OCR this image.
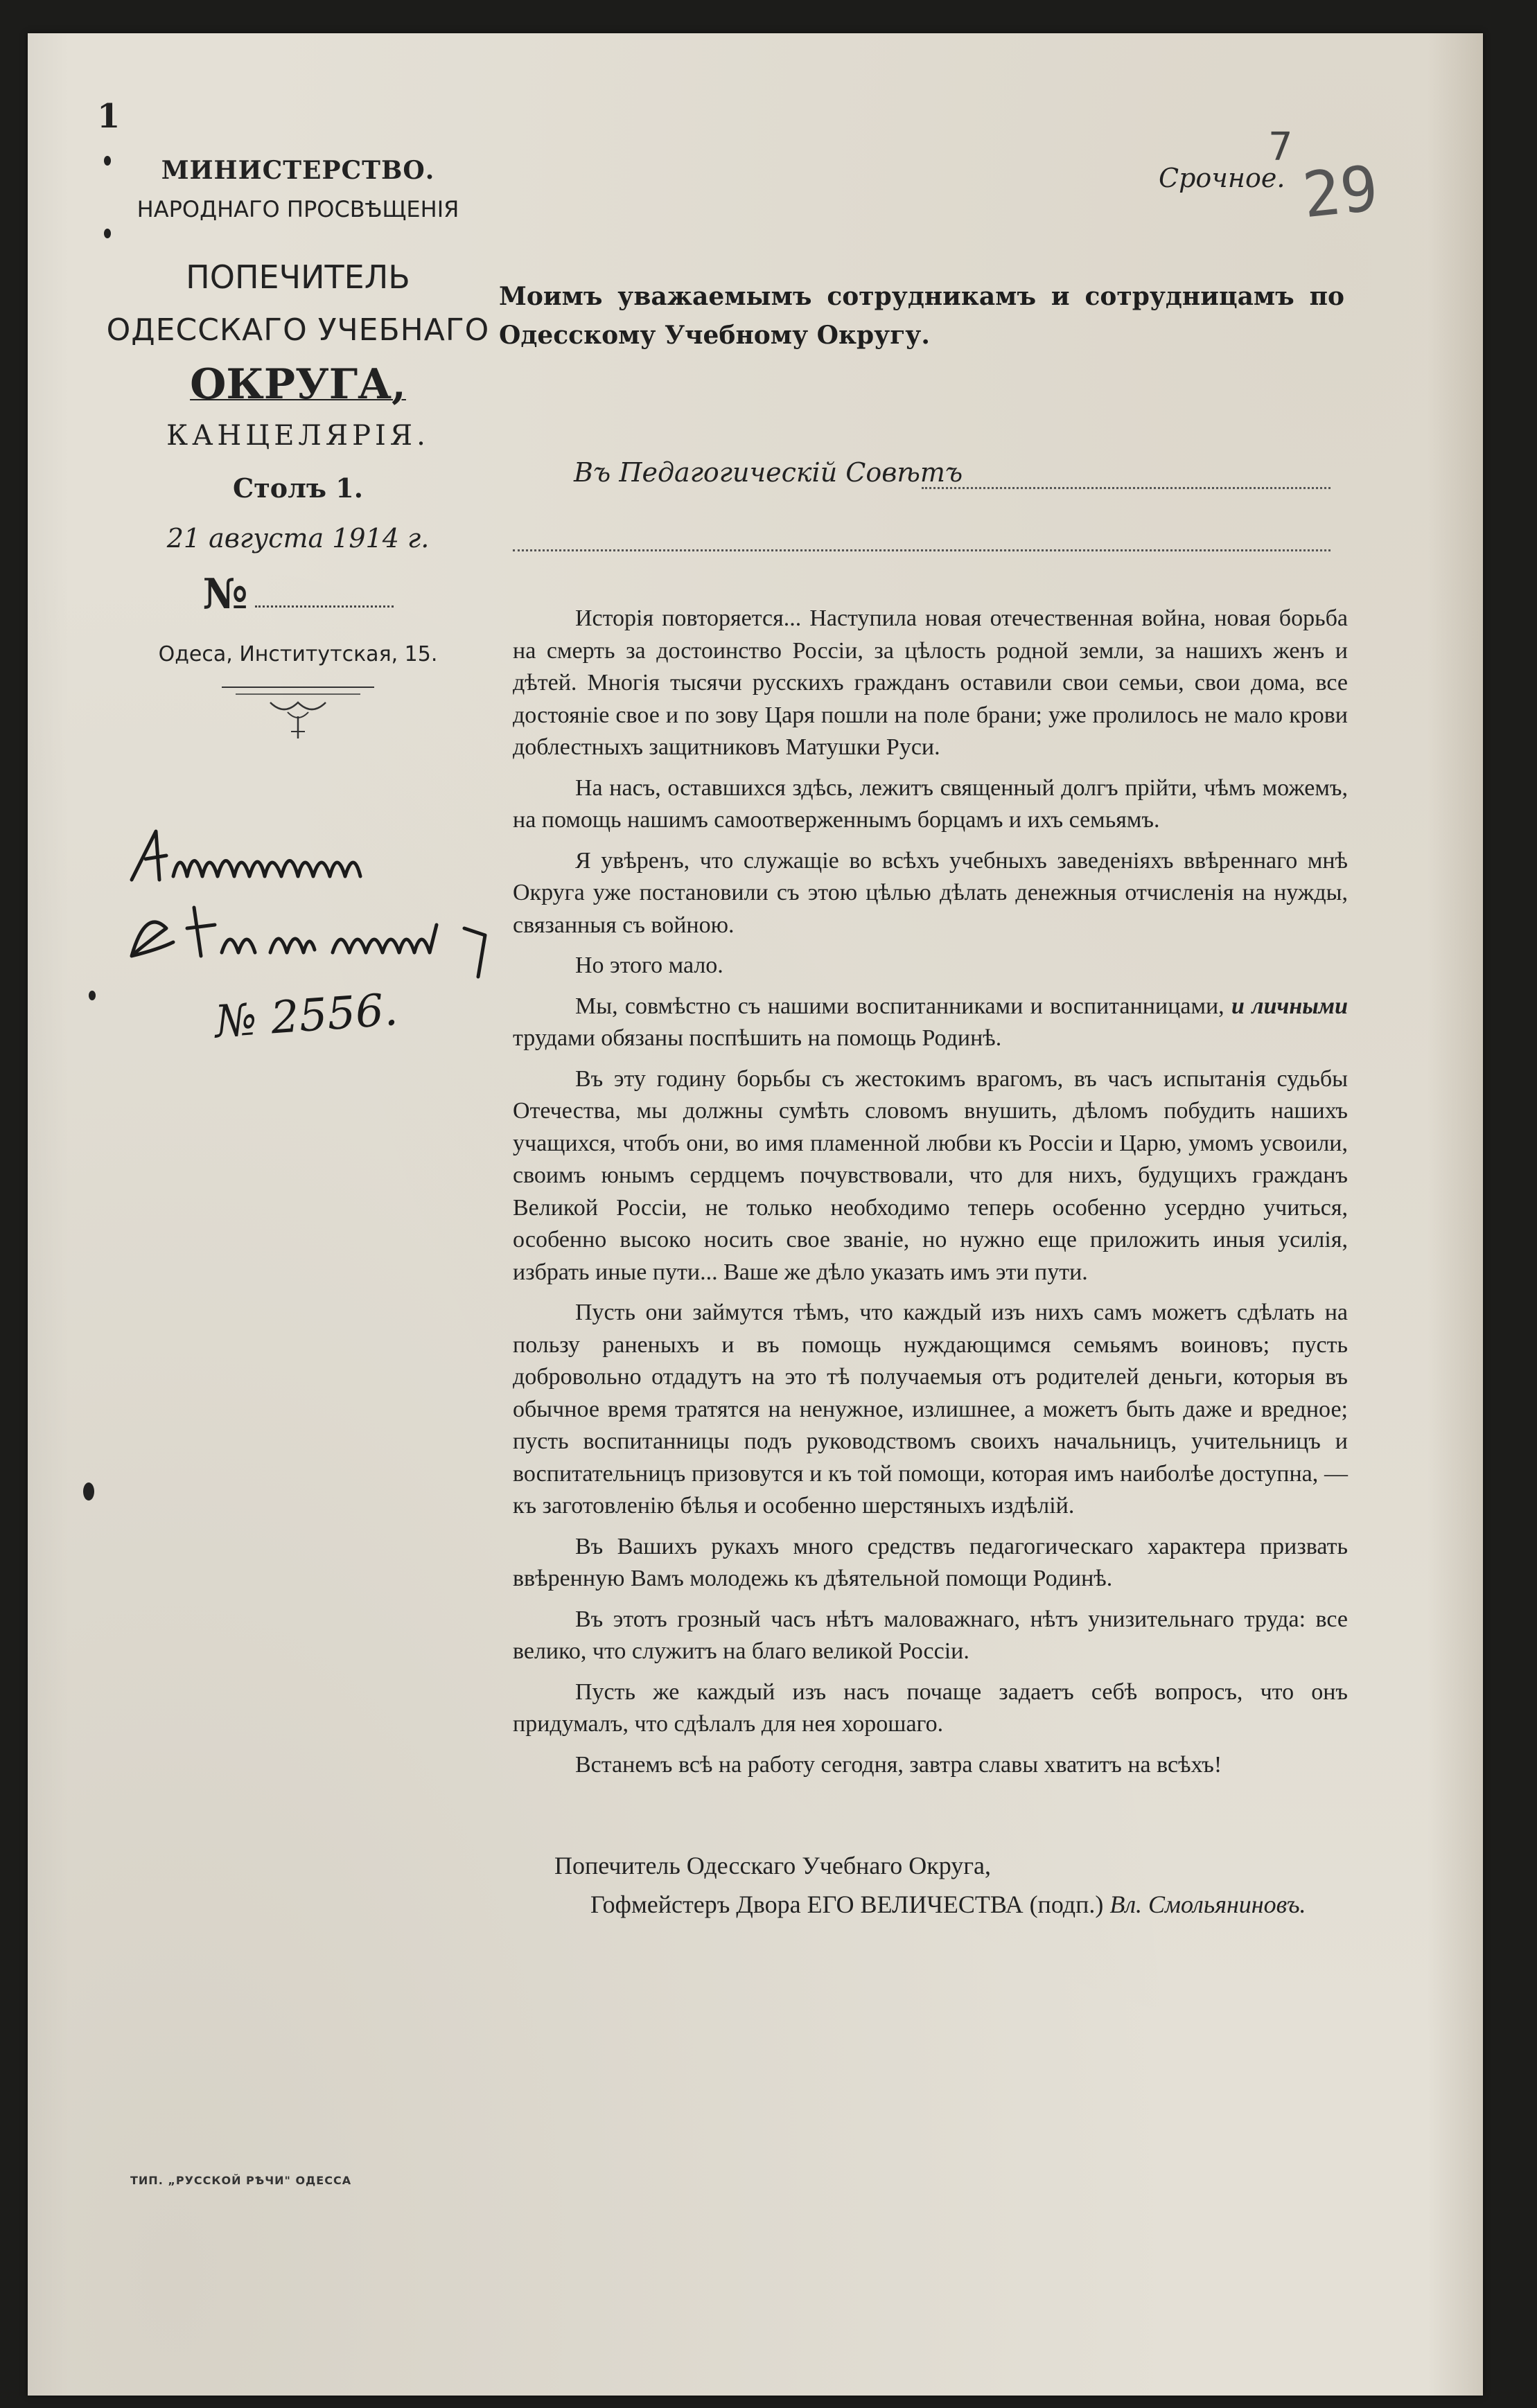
1
МИНИСТЕРСТВО.
НАРОДНАГО ПРОСВѢЩЕНІЯ
ПОПЕЧИТЕЛЬ
ОДЕССКАГО УЧЕБНАГО
ОКРУГА,
КАНЦЕЛЯРІЯ.
Столъ 1.
21 августа 1914 г.
№
Одеса, Институтская, 15.
№ 2556.
Срочное.
7
29
Моимъ уважаемымъ сотрудникамъ и сотрудницамъ по Одесскому Учебному Округу.
Въ Педагогическій Совѣтъ

Исторія повторяется... Наступила новая отечественная война, новая борьба на смерть за достоинство Россіи, за цѣлость родной земли, за нашихъ женъ и дѣтей. Многія тысячи русскихъ гражданъ оставили свои семьи, свои дома, все достояніе свое и по зову Царя пошли на поле брани; уже пролилось не мало крови доблестныхъ защитниковъ Матушки Руси.

На насъ, оставшихся здѣсь, лежитъ священный долгъ прійти, чѣмъ можемъ, на помощь нашимъ самоотверженнымъ борцамъ и ихъ семьямъ.

Я увѣренъ, что служащіе во всѣхъ учебныхъ заведеніяхъ ввѣреннаго мнѣ Округа уже постановили съ этою цѣлью дѣлать денежныя отчисленія на нужды, связанныя съ войною.

Но этого мало.

Мы, совмѣстно съ нашими воспитанниками и воспитанницами, и личными трудами обязаны поспѣшить на помощь Родинѣ.

Въ эту годину борьбы съ жестокимъ врагомъ, въ часъ испытанія судьбы Отечества, мы должны сумѣть словомъ внушить, дѣломъ побудить нашихъ учащихся, чтобъ они, во имя пламенной любви къ Россіи и Царю, умомъ усвоили, своимъ юнымъ сердцемъ почувствовали, что для нихъ, будущихъ гражданъ Великой Россіи, не только необходимо теперь особенно усердно учиться, особенно высоко носить свое званіе, но нужно еще приложить иныя усилія, избрать иные пути... Ваше же дѣло указать имъ эти пути.

Пусть они займутся тѣмъ, что каждый изъ нихъ самъ можетъ сдѣлать на пользу раненыхъ и въ помощь нуждающимся семьямъ воиновъ; пусть добровольно отдадутъ на это тѣ получаемыя отъ родителей деньги, которыя въ обычное время тратятся на ненужное, излишнее, а можетъ быть даже и вредное; пусть воспитанницы подъ руководствомъ своихъ начальницъ, учительницъ и воспитательницъ призовутся и къ той помощи, которая имъ наиболѣе доступна, — къ заготовленію бѣлья и особенно шерстяныхъ издѣлій.

Въ Вашихъ рукахъ много средствъ педагогическаго характера призвать ввѣренную Вамъ молодежь къ дѣятельной помощи Родинѣ.

Въ этотъ грозный часъ нѣтъ маловажнаго, нѣтъ унизительнаго труда: все велико, что служитъ на благо великой Россіи.

Пусть же каждый изъ насъ почаще задаетъ себѣ вопросъ, что онъ придумалъ, что сдѣлалъ для нея хорошаго.

Встанемъ всѣ на работу сегодня, завтра славы хватитъ на всѣхъ!

Попечитель Одесскаго Учебнаго Округа,
Гофмейстеръ Двора ЕГО ВЕЛИЧЕСТВА (подп.) Вл. Смольяниновъ.
ТИП. „РУССКОЙ РѢЧИ" ОДЕССА
